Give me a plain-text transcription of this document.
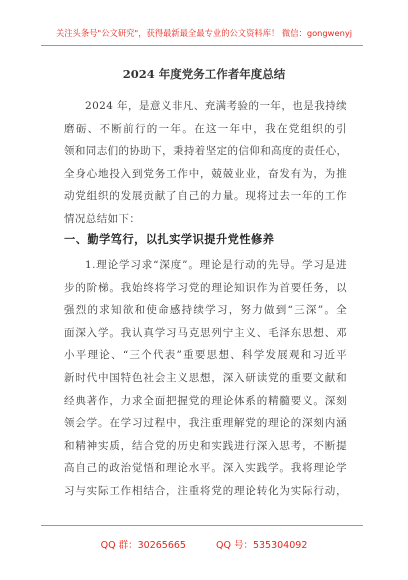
关注头条号"公文研究"，获得最新最全最专业的公文资料库！ 微信：gongwenyj
2024 年度党务工作者年度总结
2024 年，是意义非凡、充满考验的一年，也是我持续
磨砺、不断前行的一年。在这一年中，我在党组织的引
领和同志们的协助下，秉持着坚定的信仰和高度的责任心，
全身心地投入到党务工作中，兢兢业业，奋发有为，为推
动党组织的发展贡献了自己的力量。现将过去一年的工作
情况总结如下：
一、勤学笃行，以扎实学识提升党性修养
1.理论学习求“深度”。理论是行动的先导。学习是进
步的阶梯。我始终将学习党的理论知识作为首要任务，以
强烈的求知欲和使命感持续学习，努力做到“三深”。全
面深入学。我认真学习马克思列宁主义、毛泽东思想、邓
小平理论、“三个代表”重要思想、科学发展观和习近平
新时代中国特色社会主义思想，深入研读党的重要文献和
经典著作，力求全面把握党的理论体系的精髓要义。深刻
领会学。在学习过程中，我注重理解党的理论的深刻内涵
和精神实质，结合党的历史和实践进行深入思考，不断提
高自己的政治觉悟和理论水平。深入实践学。我将理论学
习与实际工作相结合，注重将党的理论转化为实际行动，
QQ 群：30265665	QQ 号：535304092
